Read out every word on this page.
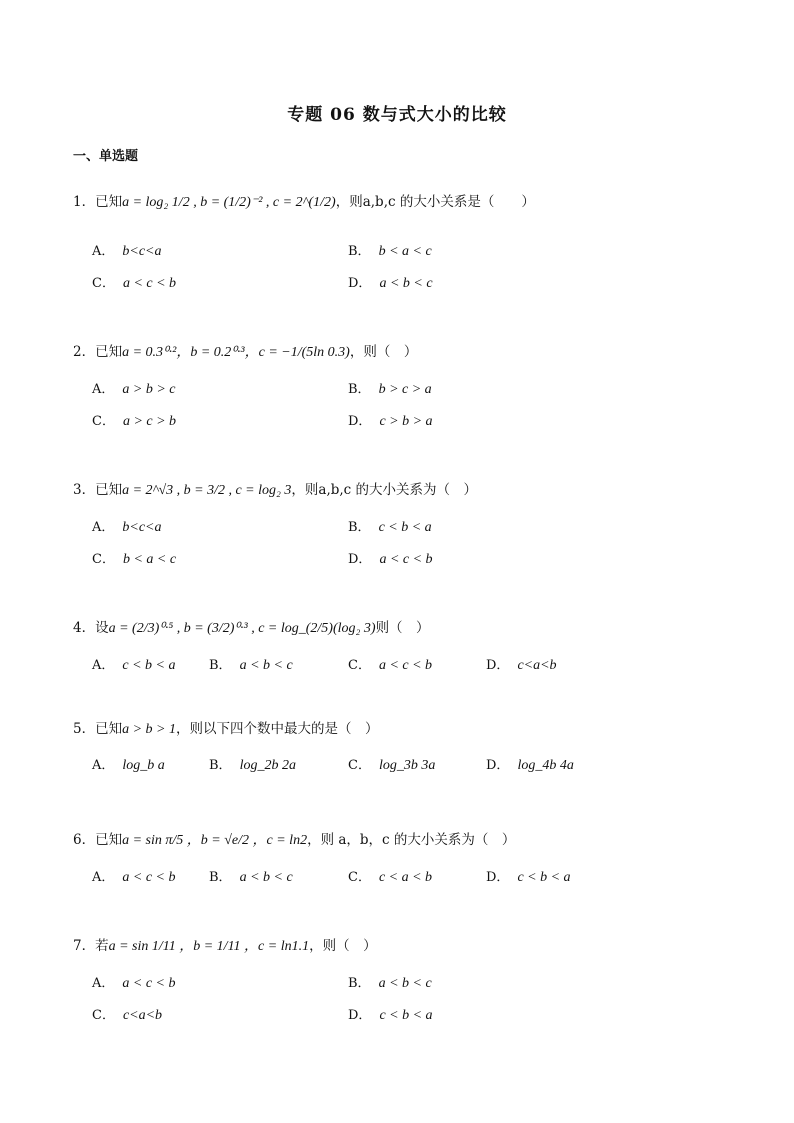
专题 06 数与式大小的比较
一、单选题
1．已知a = log₂ 1/2 , b = (1/2)⁻² , c = 2^(1/2)，则a,b,c 的大小关系是（　　）
A． b<c<a	B． b < a < c
C． a < c < b	D． a < b < c
2．已知a = 0.3⁰·²，b = 0.2⁰·³，c = −1/(5ln 0.3)，则（　）
A． a > b > c	B． b > c > a
C． a > c > b	D． c > b > a
3．已知a = 2^√3 , b = 3/2 , c = log₂ 3，则a,b,c 的大小关系为（　）
A． b<c<a	B． c < b < a
C． b < a < c	D． a < c < b
4．设a = (2/3)⁰·⁵ , b = (3/2)⁰·³ , c = log_(2/5)(log₂ 3)则（　）
A． c < b < a	B． a < b < c	C． a < c < b	D． c<a<b
5．已知a > b > 1，则以下四个数中最大的是（　）
A． log_b a	B． log_2b 2a	C． log_3b 3a	D． log_4b 4a
6．已知a = sin π/5 ，b = √e/2 ，c = ln2，则 a，b，c 的大小关系为（　）
A． a < c < b	B． a < b < c	C． c < a < b	D． c < b < a
7．若a = sin 1/11 ，b = 1/11 ，c = ln1.1，则（　）
A． a < c < b	B． a < b < c
C． c<a<b	D． c < b < a
